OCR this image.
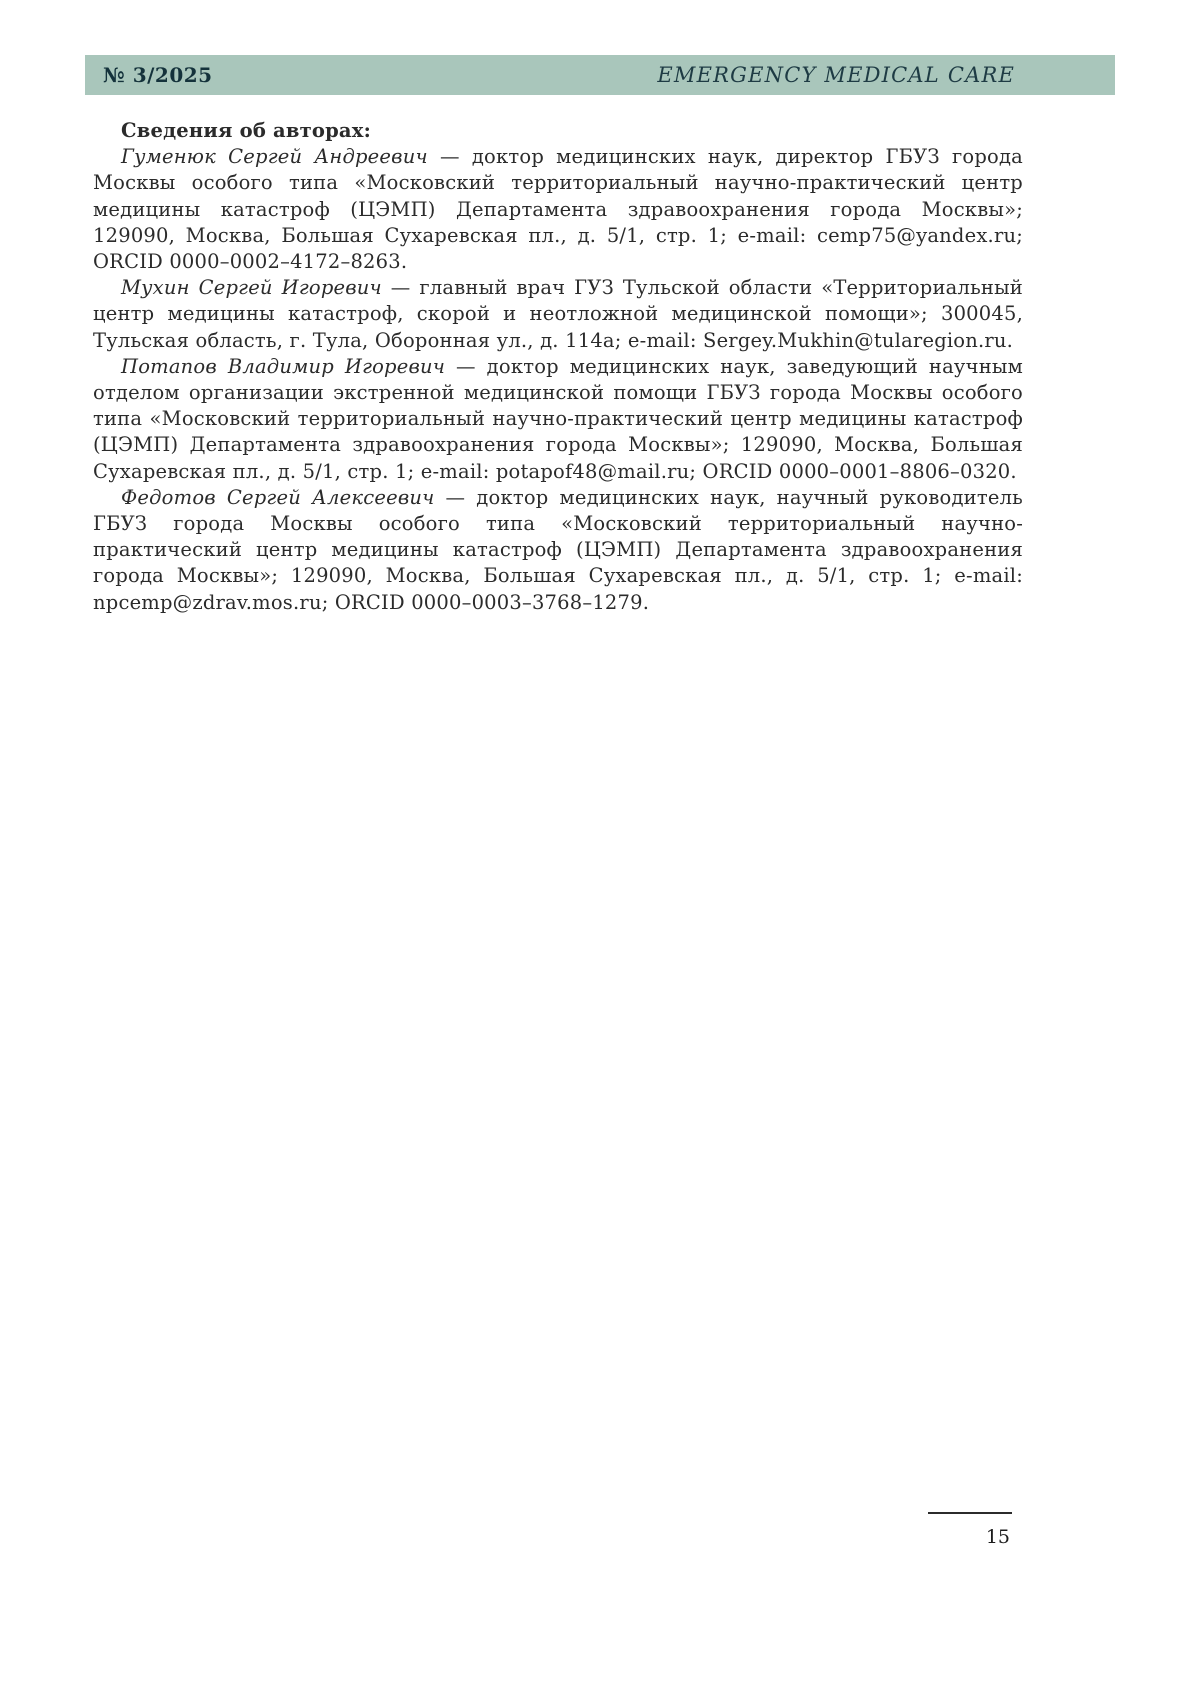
№ 3/2025	EMERGENCY MEDICAL CARE

Сведения об авторах:

Гуменюк Сергей Андреевич — доктор медицинских наук, директор ГБУЗ города Москвы особого типа «Московский территориальный научно-практический центр медицины катастроф (ЦЭМП) Департамента здравоохранения города Москвы»; 129090, Москва, Большая Сухаревская пл., д. 5/1, стр. 1; e-mail: cemp75@yandex.ru; ORCID 0000–0002–4172–8263.

Мухин Сергей Игоревич — главный врач ГУЗ Тульской области «Территориальный центр медицины катастроф, скорой и неотложной медицинской помощи»; 300045, Тульская область, г. Тула, Оборонная ул., д. 114а; e-mail: Sergey.Mukhin@tularegion.ru.

Потапов Владимир Игоревич — доктор медицинских наук, заведующий научным отделом организации экстренной медицинской помощи ГБУЗ города Москвы особого типа «Московский территориальный научно-практический центр медицины катастроф (ЦЭМП) Департамента здравоохранения города Москвы»; 129090, Москва, Большая Сухаревская пл., д. 5/1, стр. 1; e-mail: potapof48@mail.ru; ORCID 0000–0001–8806–0320.

Федотов Сергей Алексеевич — доктор медицинских наук, научный руководитель ГБУЗ города Москвы особого типа «Московский территориальный научно-практический центр медицины катастроф (ЦЭМП) Департамента здравоохранения города Москвы»; 129090, Москва, Большая Сухаревская пл., д. 5/1, стр. 1; e-mail: npcemp@zdrav.mos.ru; ORCID 0000–0003–3768–1279.

15
